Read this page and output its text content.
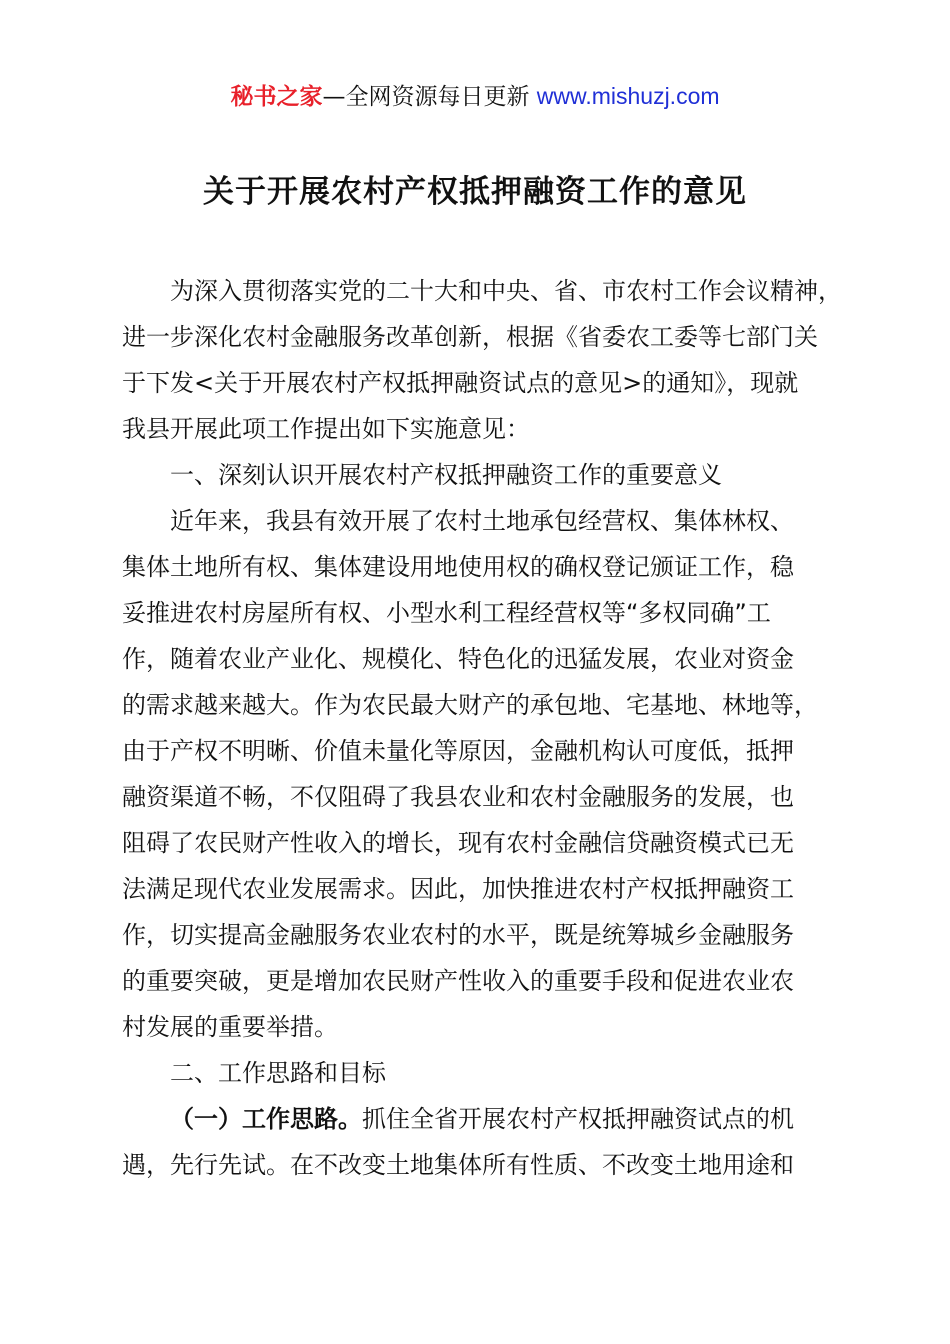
秘书之家—全网资源每日更新 www.mishuzj.com
关于开展农村产权抵押融资工作的意见
为深入贯彻落实党的二十大和中央、省、市农村工作会议精神，
进一步深化农村金融服务改革创新，根据《省委农工委等七部门关
于下发<关于开展农村产权抵押融资试点的意见>的通知》，现就
我县开展此项工作提出如下实施意见：
一、深刻认识开展农村产权抵押融资工作的重要意义
近年来，我县有效开展了农村土地承包经营权、集体林权、
集体土地所有权、集体建设用地使用权的确权登记颁证工作，稳
妥推进农村房屋所有权、小型水利工程经营权等“多权同确”工
作，随着农业产业化、规模化、特色化的迅猛发展，农业对资金
的需求越来越大。作为农民最大财产的承包地、宅基地、林地等，
由于产权不明晰、价值未量化等原因，金融机构认可度低，抵押
融资渠道不畅，不仅阻碍了我县农业和农村金融服务的发展，也
阻碍了农民财产性收入的增长，现有农村金融信贷融资模式已无
法满足现代农业发展需求。因此，加快推进农村产权抵押融资工
作，切实提高金融服务农业农村的水平，既是统筹城乡金融服务
的重要突破，更是增加农民财产性收入的重要手段和促进农业农
村发展的重要举措。
二、工作思路和目标
（一）工作思路。抓住全省开展农村产权抵押融资试点的机
遇，先行先试。在不改变土地集体所有性质、不改变土地用途和
